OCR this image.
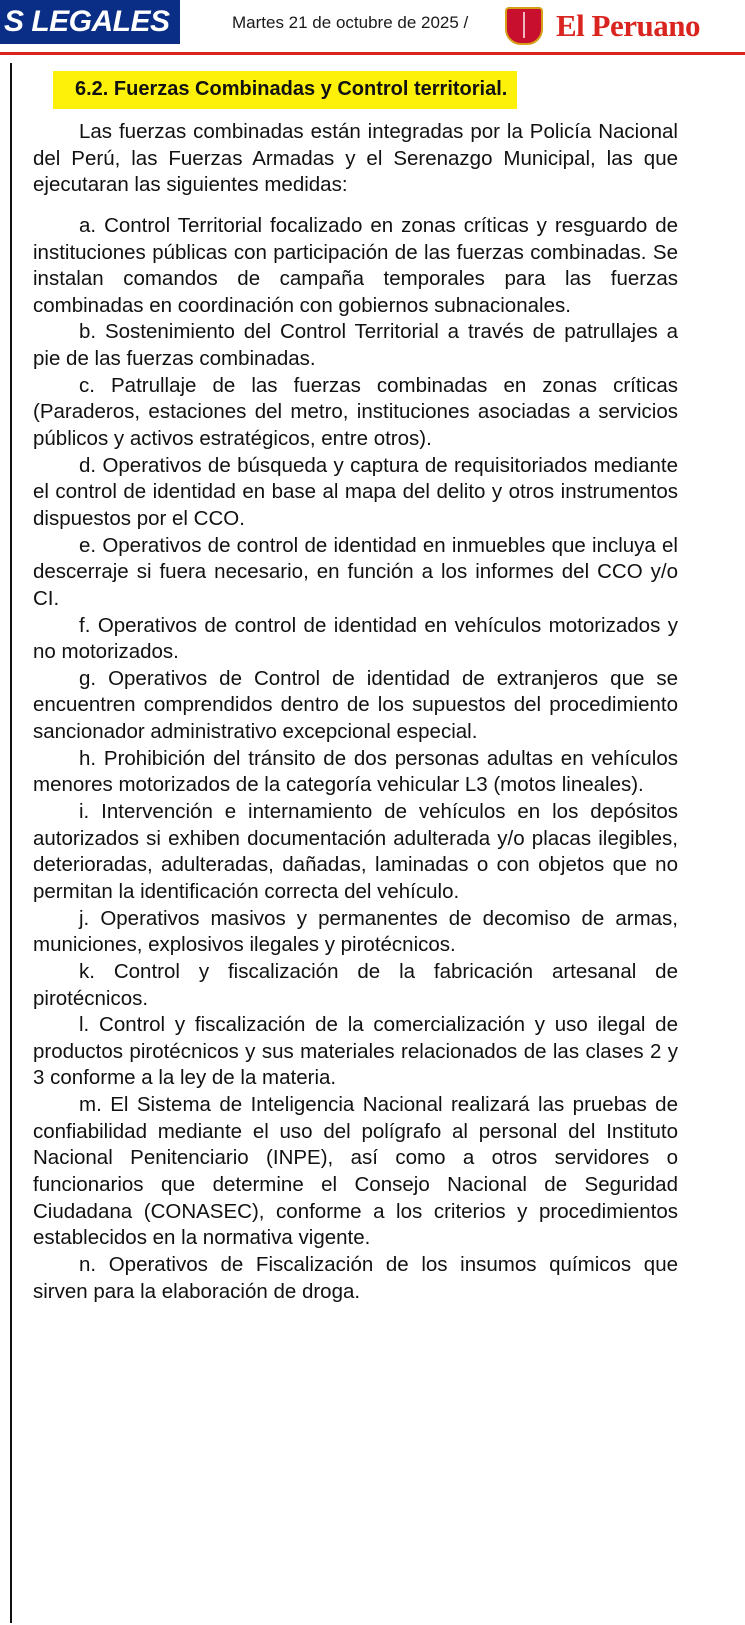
S LEGALES	Martes 21 de octubre de 2025 /	El Peruano
6.2. Fuerzas Combinadas y Control territorial.

Las fuerzas combinadas están integradas por la Policía Nacional del Perú, las Fuerzas Armadas y el Serenazgo Municipal, las que ejecutaran las siguientes medidas:

a. Control Territorial focalizado en zonas críticas y resguardo de instituciones públicas con participación de las fuerzas combinadas. Se instalan comandos de campaña temporales para las fuerzas combinadas en coordinación con gobiernos subnacionales.

b. Sostenimiento del Control Territorial a través de patrullajes a pie de las fuerzas combinadas.

c. Patrullaje de las fuerzas combinadas en zonas críticas (Paraderos, estaciones del metro, instituciones asociadas a servicios públicos y activos estratégicos, entre otros).

d. Operativos de búsqueda y captura de requisitoriados mediante el control de identidad en base al mapa del delito y otros instrumentos dispuestos por el CCO.

e. Operativos de control de identidad en inmuebles que incluya el descerraje si fuera necesario, en función a los informes del CCO y/o CI.

f. Operativos de control de identidad en vehículos motorizados y no motorizados.

g. Operativos de Control de identidad de extranjeros que se encuentren comprendidos dentro de los supuestos del procedimiento sancionador administrativo excepcional especial.

h. Prohibición del tránsito de dos personas adultas en vehículos menores motorizados de la categoría vehicular L3 (motos lineales).

i. Intervención e internamiento de vehículos en los depósitos autorizados si exhiben documentación adulterada y/o placas ilegibles, deterioradas, adulteradas, dañadas, laminadas o con objetos que no permitan la identificación correcta del vehículo.

j. Operativos masivos y permanentes de decomiso de armas, municiones, explosivos ilegales y pirotécnicos.

k. Control y fiscalización de la fabricación artesanal de pirotécnicos.

l. Control y fiscalización de la comercialización y uso ilegal de productos pirotécnicos y sus materiales relacionados de las clases 2 y 3 conforme a la ley de la materia.

m. El Sistema de Inteligencia Nacional realizará las pruebas de confiabilidad mediante el uso del polígrafo al personal del Instituto Nacional Penitenciario (INPE), así como a otros servidores o funcionarios que determine el Consejo Nacional de Seguridad Ciudadana (CONASEC), conforme a los criterios y procedimientos establecidos en la normativa vigente.

n. Operativos de Fiscalización de los insumos químicos que sirven para la elaboración de droga.
